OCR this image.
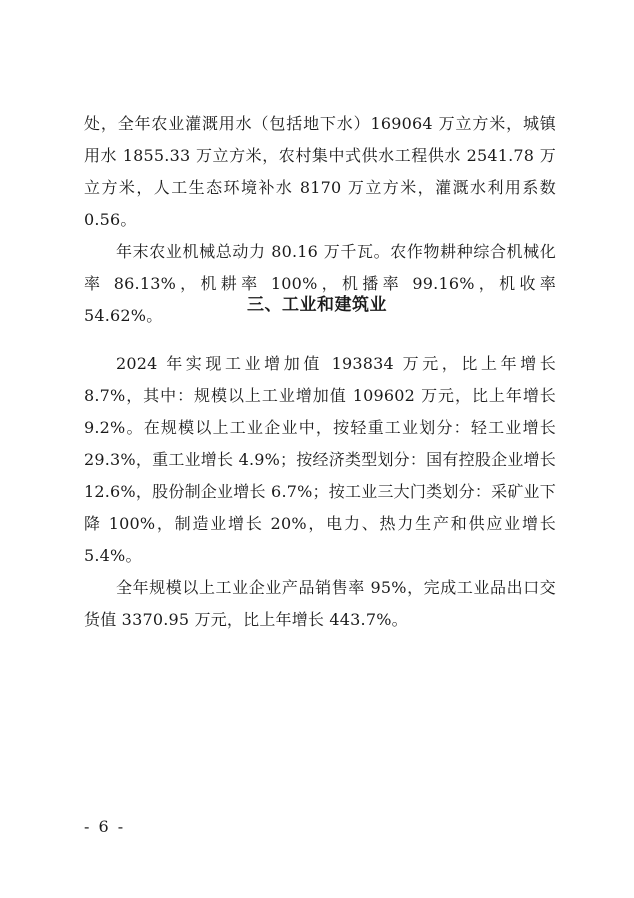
处，全年农业灌溉用水（包括地下水）169064 万立方米，城镇用水 1855.33 万立方米，农村集中式供水工程供水 2541.78 万立方米，人工生态环境补水 8170 万立方米，灌溉水利用系数 0.56。

年末农业机械总动力 80.16 万千瓦。农作物耕种综合机械化率 86.13%，机耕率 100%，机播率 99.16%，机收率 54.62%。

三、工业和建筑业

2024 年实现工业增加值 193834 万元，比上年增长 8.7%，其中：规模以上工业增加值 109602 万元，比上年增长 9.2%。在规模以上工业企业中，按轻重工业划分：轻工业增长 29.3%，重工业增长 4.9%；按经济类型划分：国有控股企业增长 12.6%，股份制企业增长 6.7%；按工业三大门类划分：采矿业下降 100%，制造业增长 20%，电力、热力生产和供应业增长 5.4%。

全年规模以上工业企业产品销售率 95%，完成工业品出口交货值 3370.95 万元，比上年增长 443.7%。

- 6 -
